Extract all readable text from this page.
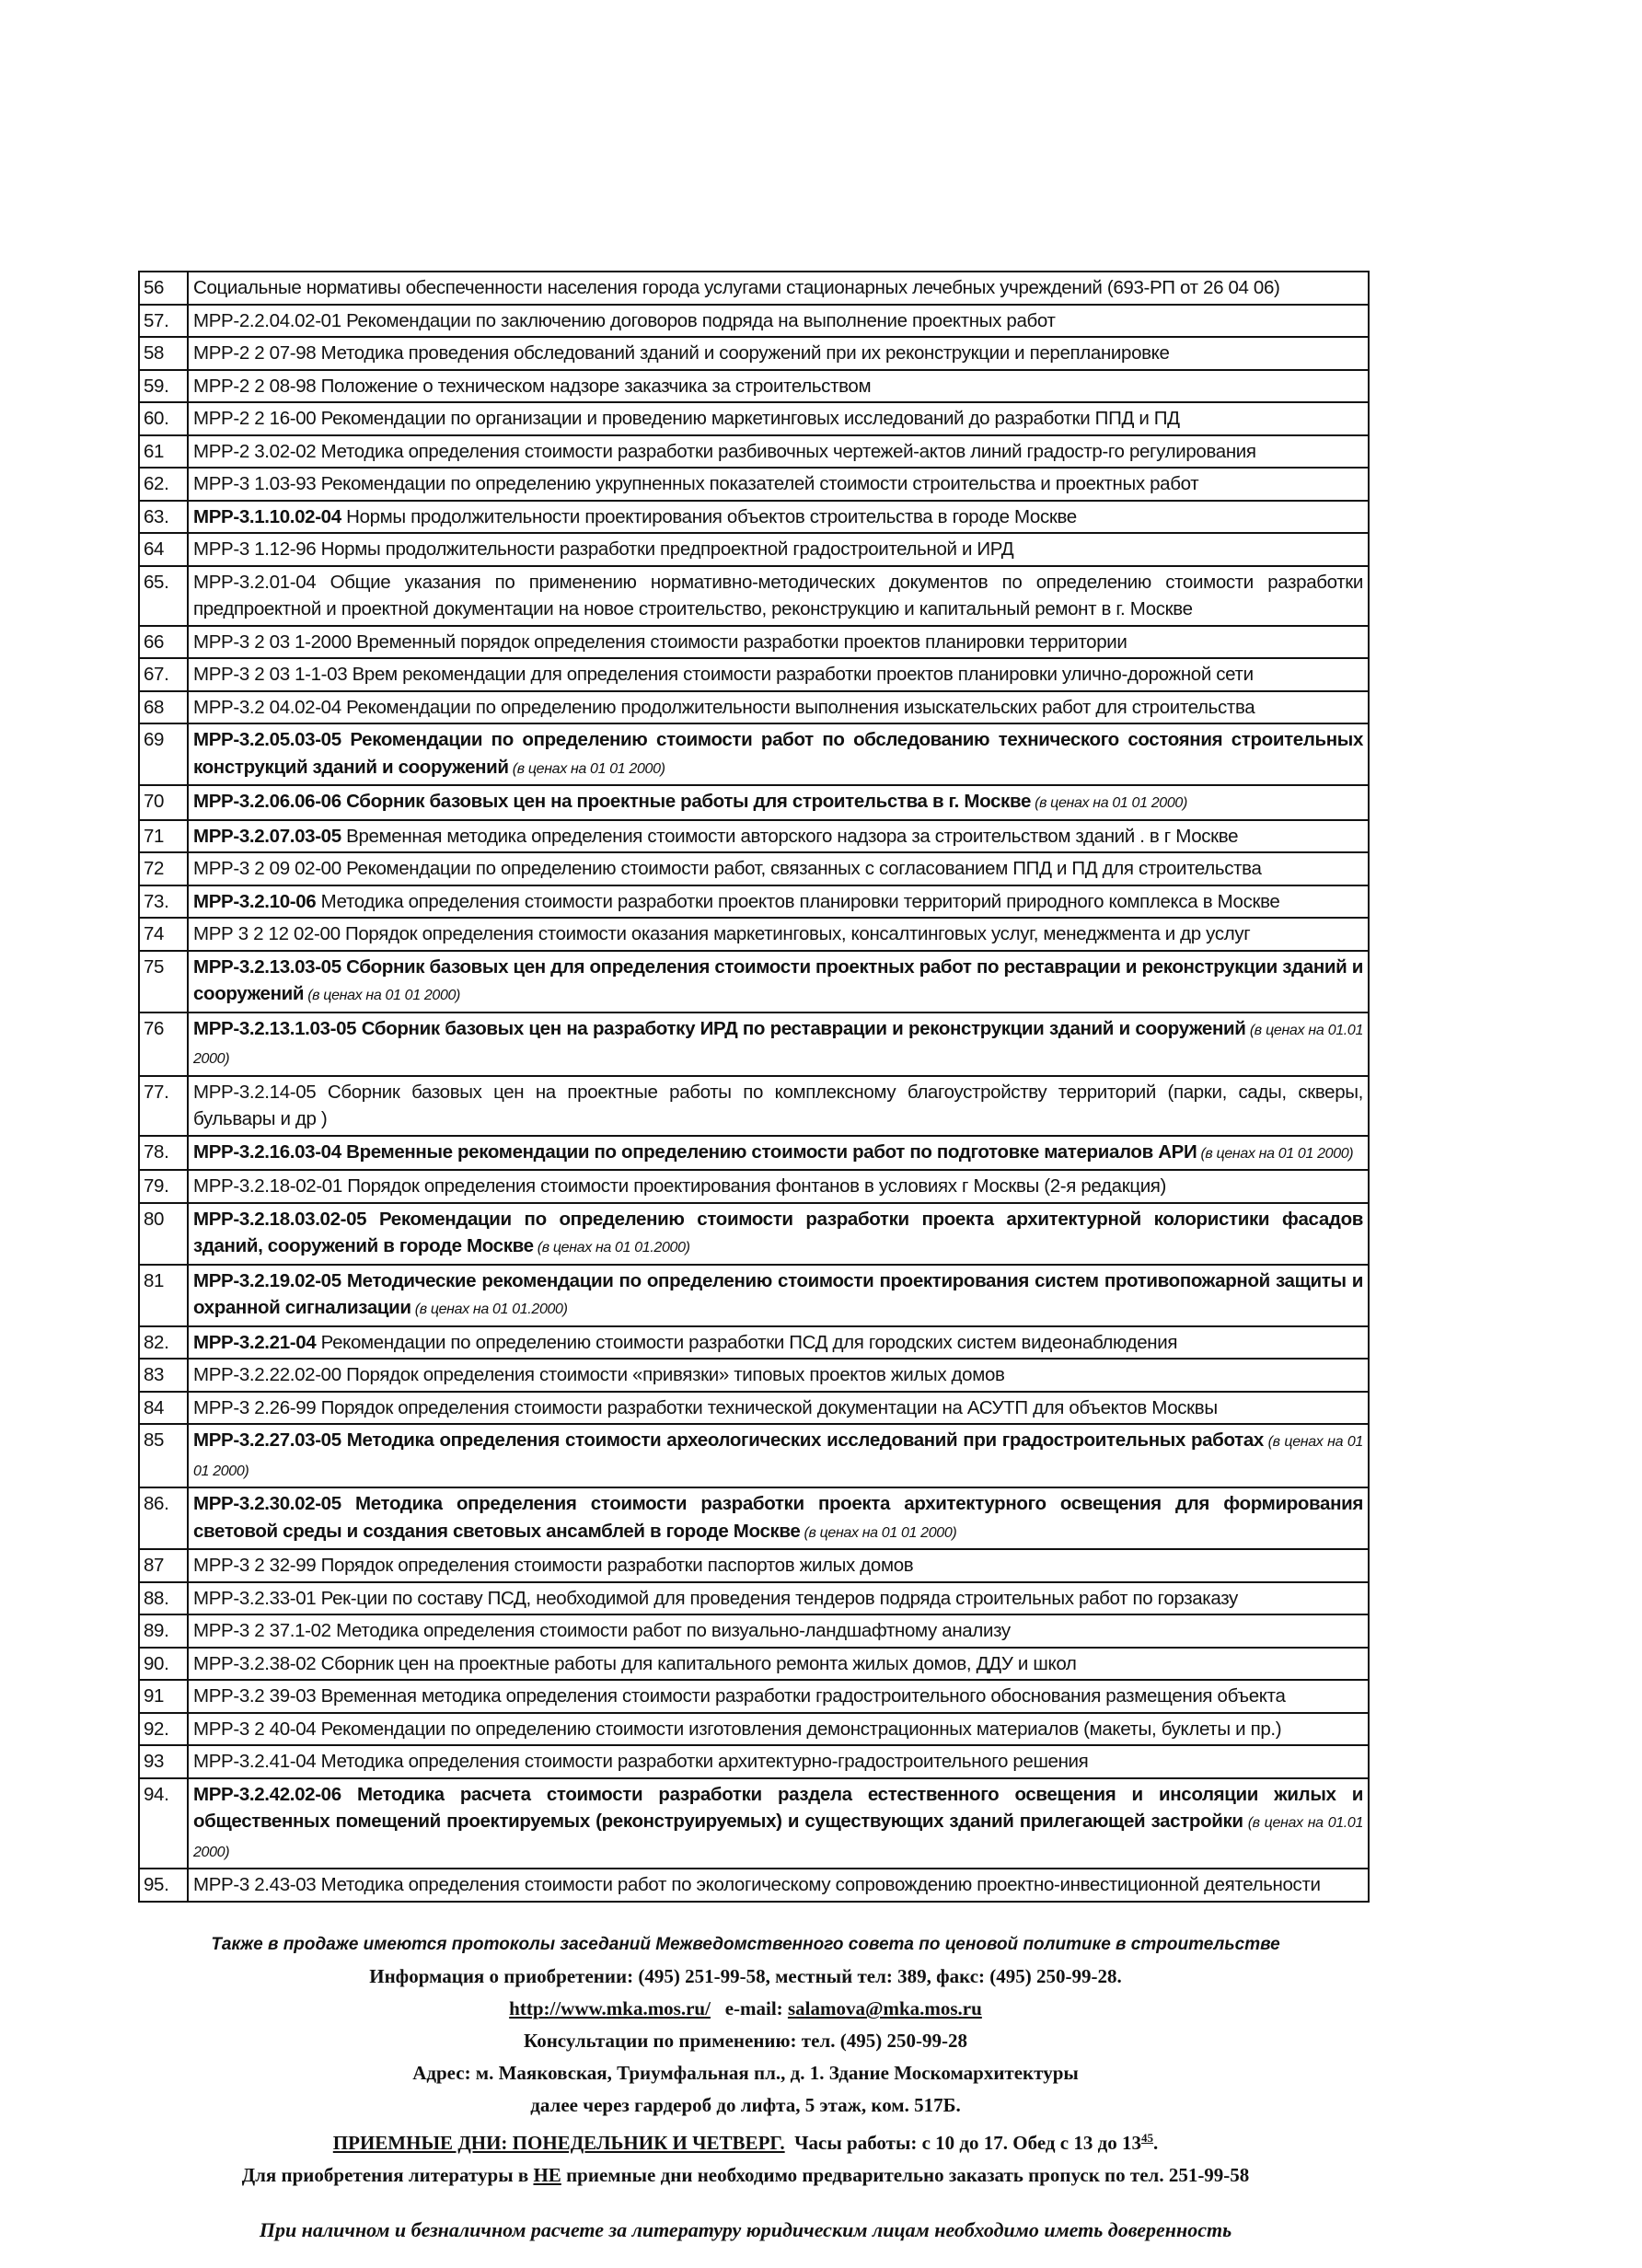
56	Социальные нормативы обеспеченности населения города услугами стационарных лечебных учреждений (693-РП от 26 04 06)
57.	МРР-2.2.04.02-01 Рекомендации по заключению договоров подряда на выполнение проектных работ
58	МРР-2 2 07-98 Методика проведения обследований зданий и сооружений при их реконструкции и перепланировке
59.	МРР-2 2 08-98 Положение о техническом надзоре заказчика за строительством
60.	МРР-2 2 16-00 Рекомендации по организации и проведению маркетинговых исследований до разработки ППД и ПД
61	МРР-2 3.02-02 Методика определения стоимости разработки разбивочных чертежей-актов линий градостр-го регулирования
62.	МРР-3 1.03-93 Рекомендации по определению укрупненных показателей стоимости строительства и проектных работ
63.	МРР-3.1.10.02-04 Нормы продолжительности проектирования объектов строительства в городе Москве
64	МРР-3 1.12-96 Нормы продолжительности разработки предпроектной градостроительной и ИРД
65.	МРР-3.2.01-04 Общие указания по применению нормативно-методических документов по определению стоимости разработки предпроектной и проектной документации на новое строительство, реконструкцию и капитальный ремонт в г. Москве
66	МРР-3 2 03 1-2000 Временный порядок определения стоимости разработки проектов планировки территории
67.	МРР-3 2 03 1-1-03 Врем рекомендации для определения стоимости разработки проектов планировки улично-дорожной сети
68	МРР-3.2 04.02-04 Рекомендации по определению продолжительности выполнения изыскательских работ для строительства
69	МРР-3.2.05.03-05 Рекомендации по определению стоимости работ по обследованию технического состояния строительных конструкций зданий и сооружений (в ценах на 01 01 2000)
70	МРР-3.2.06.06-06 Сборник базовых цен на проектные работы для строительства в г. Москве (в ценах на 01 01 2000)
71	МРР-3.2.07.03-05 Временная методика определения стоимости авторского надзора за строительством зданий . в г Москве
72	МРР-3 2 09 02-00 Рекомендации по определению стоимости работ, связанных с согласованием ППД и ПД для строительства
73.	МРР-3.2.10-06 Методика определения стоимости разработки проектов планировки территорий природного комплекса в Москве
74	МРР 3 2 12 02-00 Порядок определения стоимости оказания маркетинговых, консалтинговых услуг, менеджмента и др услуг
75	МРР-3.2.13.03-05 Сборник базовых цен для определения стоимости проектных работ по реставрации и реконструкции зданий и сооружений (в ценах на 01 01 2000)
76	МРР-3.2.13.1.03-05 Сборник базовых цен на разработку ИРД по реставрации и реконструкции зданий и сооружений (в ценах на 01.01 2000)
77.	МРР-3.2.14-05 Сборник базовых цен на проектные работы по комплексному благоустройству территорий (парки, сады, скверы, бульвары и др )
78.	МРР-3.2.16.03-04 Временные рекомендации по определению стоимости работ по подготовке материалов АРИ (в ценах на 01 01 2000)
79.	МРР-3.2.18-02-01 Порядок определения стоимости проектирования фонтанов в условиях г Москвы (2-я редакция)
80	МРР-3.2.18.03.02-05 Рекомендации по определению стоимости разработки проекта архитектурной колористики фасадов зданий, сооружений в городе Москве (в ценах на 01 01.2000)
81	МРР-3.2.19.02-05 Методические рекомендации по определению стоимости проектирования систем противопожарной защиты и охранной сигнализации (в ценах на 01 01.2000)
82.	МРР-3.2.21-04 Рекомендации по определению стоимости разработки ПСД для городских систем видеонаблюдения
83	МРР-3.2.22.02-00 Порядок определения стоимости «привязки» типовых проектов жилых домов
84	МРР-3 2.26-99 Порядок определения стоимости разработки технической документации на АСУТП для объектов Москвы
85	МРР-3.2.27.03-05 Методика определения стоимости археологических исследований при градостроительных работах (в ценах на 01 01 2000)
86.	МРР-3.2.30.02-05 Методика определения стоимости разработки проекта архитектурного освещения для формирования световой среды и создания световых ансамблей в городе Москве (в ценах на 01 01 2000)
87	МРР-3 2 32-99 Порядок определения стоимости разработки паспортов жилых домов
88.	МРР-3.2.33-01 Рек-ции по составу ПСД, необходимой для проведения тендеров подряда строительных работ по горзаказу
89.	МРР-3 2 37.1-02 Методика определения стоимости работ по визуально-ландшафтному анализу
90.	МРР-3.2.38-02 Сборник цен на проектные работы для капитального ремонта жилых домов, ДДУ и школ
91	МРР-3.2 39-03 Временная методика определения стоимости разработки градостроительного обоснования размещения объекта
92.	МРР-3 2 40-04 Рекомендации по определению стоимости изготовления демонстрационных материалов (макеты, буклеты и пр.)
93	МРР-3.2.41-04 Методика определения стоимости разработки архитектурно-градостроительного решения
94.	МРР-3.2.42.02-06 Методика расчета стоимости разработки раздела естественного освещения и инсоляции жилых и общественных помещений проектируемых (реконструируемых) и существующих зданий прилегающей застройки (в ценах на 01.01 2000)
95.	МРР-3 2.43-03 Методика определения стоимости работ по экологическому сопровождению проектно-инвестиционной деятельности
Также в продаже имеются протоколы заседаний Межведомственного совета по ценовой политике в строительстве
Информация о приобретении: (495) 251-99-58, местный тел: 389, факс: (495) 250-99-28.
http://www.mka.mos.ru/ e-mail: salamova@mka.mos.ru
Консультации по применению: тел. (495) 250-99-28
Адрес: м. Маяковская, Триумфальная пл., д. 1. Здание Москомархитектуры
далее через гардероб до лифта, 5 этаж, ком. 517Б.
ПРИЕМНЫЕ ДНИ: ПОНЕДЕЛЬНИК И ЧЕТВЕРГ. Часы работы: с 10 до 17. Обед с 13 до $13^{45}$.
Для приобретения литературы в НЕ приемные дни необходимо предварительно заказать пропуск по тел. 251-99-58
При наличном и безналичном расчете за литературу юридическим лицам необходимо иметь доверенность
